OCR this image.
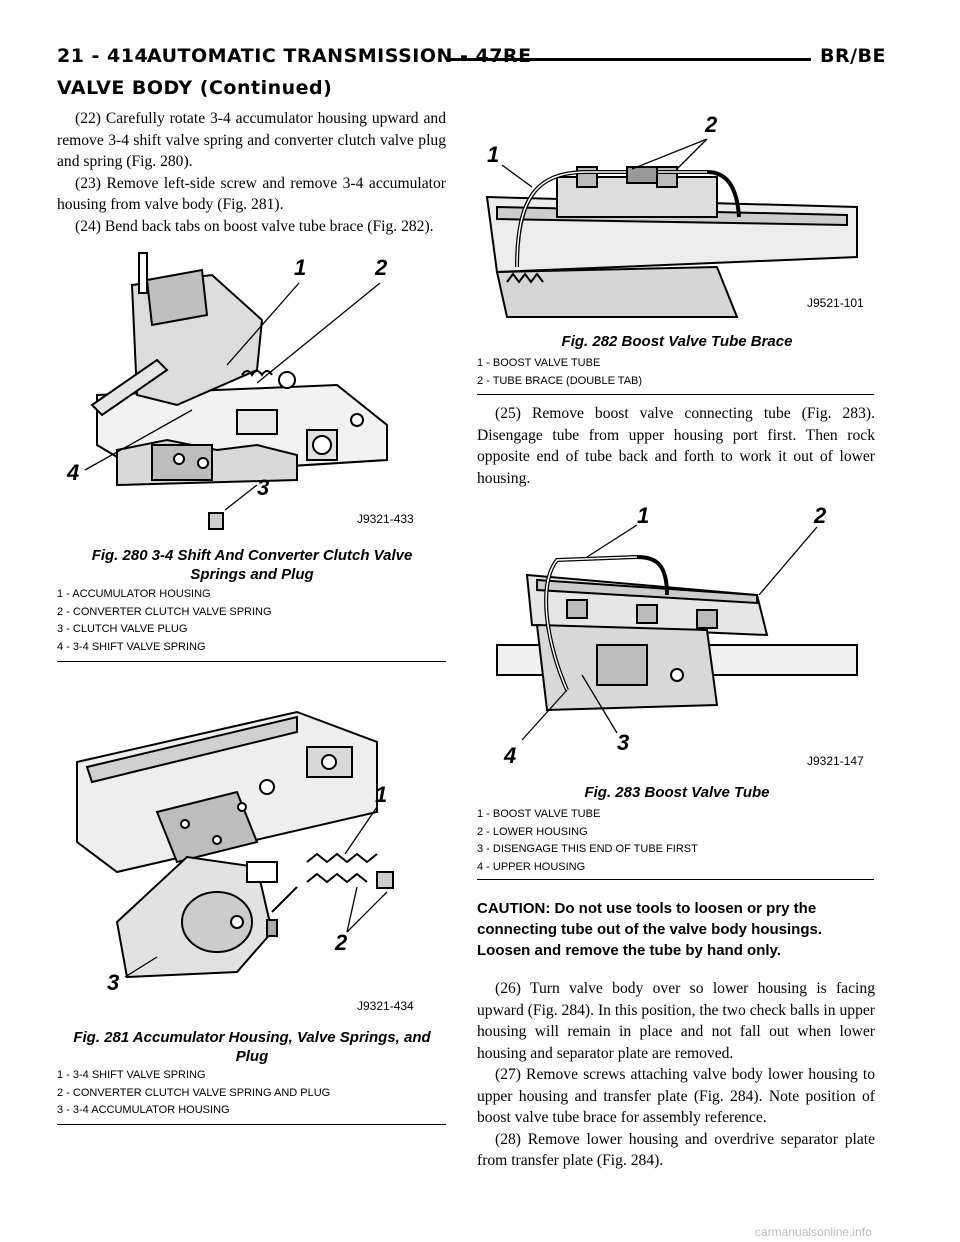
21 - 414
AUTOMATIC TRANSMISSION - 47RE	BR/BE
VALVE BODY (Continued)

(22) Carefully rotate 3-4 accumulator housing upward and remove 3-4 shift valve spring and converter clutch valve plug and spring (Fig. 280).

(23) Remove left-side screw and remove 3-4 accumulator housing from valve body (Fig. 281).

(24) Bend back tabs on boost valve tube brace (Fig. 282).

1	2
3
4
J9321-433
Fig. 280 3-4 Shift And Converter Clutch Valve Springs and Plug
1 - ACCUMULATOR HOUSING
2 - CONVERTER CLUTCH VALVE SPRING
3 - CLUTCH VALVE PLUG
4 - 3-4 SHIFT VALVE SPRING
1
2
3
J9321-434
Fig. 281 Accumulator Housing, Valve Springs, and Plug
1 - 3-4 SHIFT VALVE SPRING
2 - CONVERTER CLUTCH VALVE SPRING AND PLUG
3 - 3-4 ACCUMULATOR HOUSING
1
2
J9521-101
Fig. 282 Boost Valve Tube Brace
1 - BOOST VALVE TUBE
2 - TUBE BRACE (DOUBLE TAB)

(25) Remove boost valve connecting tube (Fig. 283). Disengage tube from upper housing port first. Then rock opposite end of tube back and forth to work it out of lower housing.

1	2
3
4	J9321-147
Fig. 283 Boost Valve Tube
1 - BOOST VALVE TUBE
2 - LOWER HOUSING
3 - DISENGAGE THIS END OF TUBE FIRST
4 - UPPER HOUSING
CAUTION: Do not use tools to loosen or pry the connecting tube out of the valve body housings. Loosen and remove the tube by hand only.

(26) Turn valve body over so lower housing is facing upward (Fig. 284). In this position, the two check balls in upper housing will remain in place and not fall out when lower housing and separator plate are removed.

(27) Remove screws attaching valve body lower housing to upper housing and transfer plate (Fig. 284). Note position of boost valve tube brace for assembly reference.

(28) Remove lower housing and overdrive separator plate from transfer plate (Fig. 284).

carmanualsonline.info
